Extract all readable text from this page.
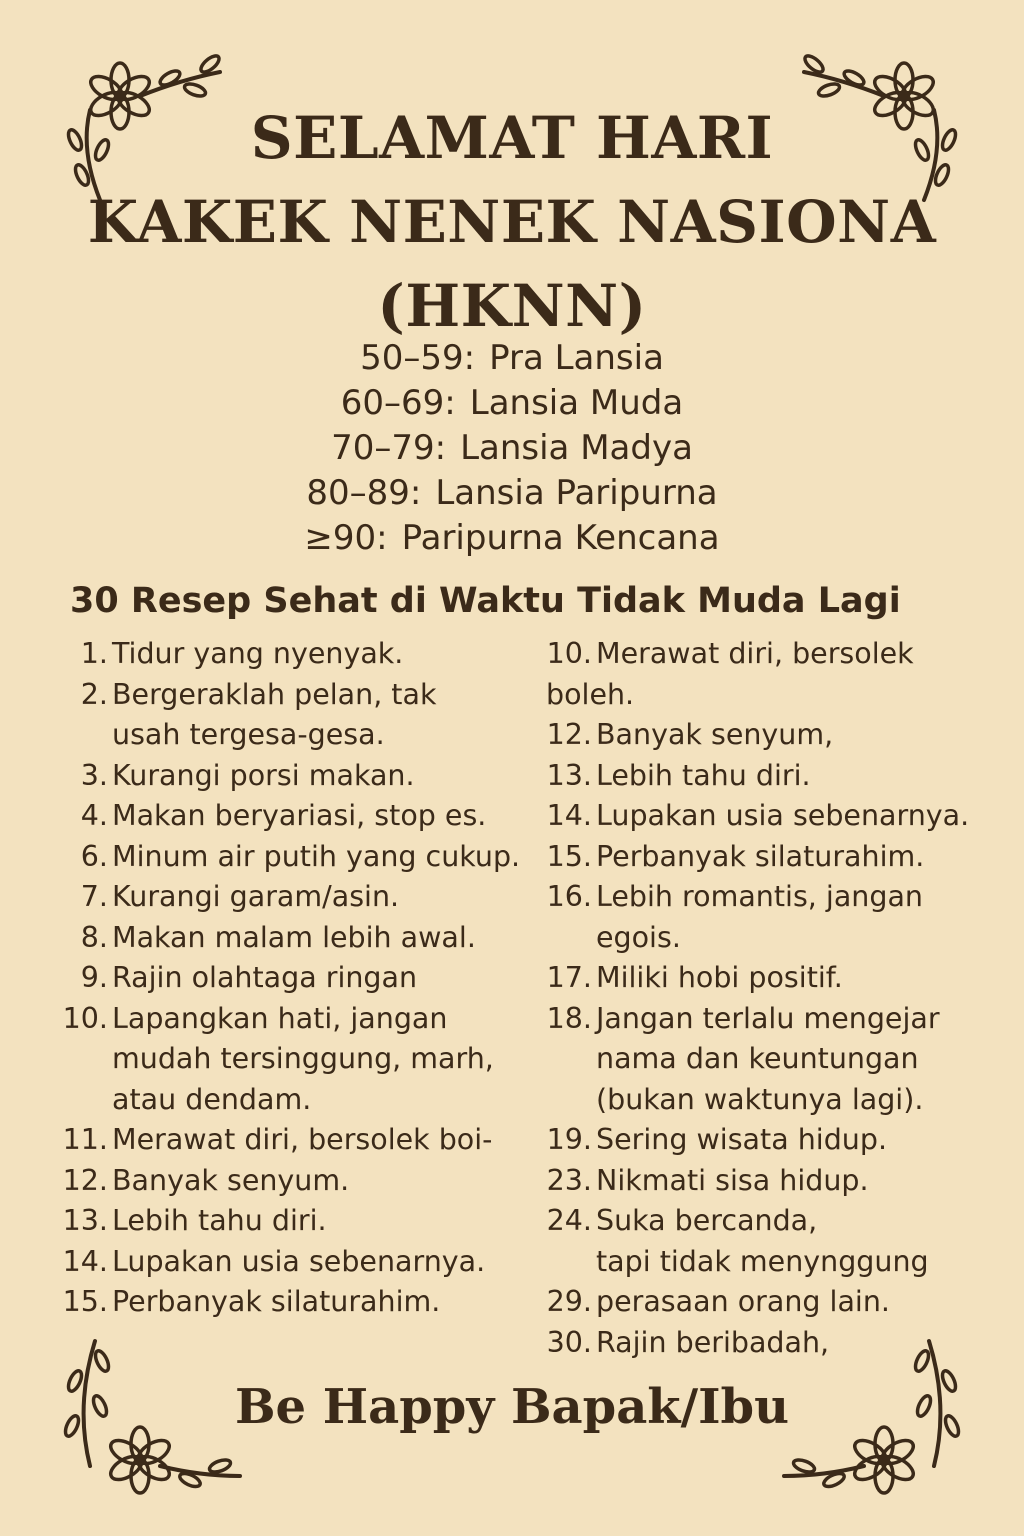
SELAMAT HARI
KAKEK NENEK NASIONA
(HKNN)
50–59: Pra Lansia
60–69: Lansia Muda
70–79: Lansia Madya
80–89: Lansia Paripurna
≥90: Paripurna Kencana
30 Resep Sehat di Waktu Tidak Muda Lagi
1. Tidur yang nyenyak.
2. Bergeraklah pelan, tak
usah tergesa-gesa.
3. Kurangi porsi makan.
4. Makan beryariasi, stop es.
6. Minum air putih yang cukup.
7. Kurangi garam/asin.
8. Makan malam lebih awal.
9. Rajin olahtaga ringan
10. Lapangkan hati, jangan
mudah tersinggung, marh,
atau dendam.
11. Merawat diri, bersolek boi-
12. Banyak senyum.
13. Lebih tahu diri.
14. Lupakan usia sebenarnya.
15. Perbanyak silaturahim.
10. Merawat diri, bersolek
boleh.
12. Banyak senyum,
13. Lebih tahu diri.
14. Lupakan usia sebenarnya.
15. Perbanyak silaturahim.
16. Lebih romantis, jangan
egois.
17. Miliki hobi positif.
18. Jangan terlalu mengejar
nama dan keuntungan
(bukan waktunya lagi).
19. Sering wisata hidup.
23. Nikmati sisa hidup.
24. Suka bercanda,
tapi tidak menynggung
29. perasaan orang lain.
30. Rajin beribadah,
Be Happy Bapak/Ibu
